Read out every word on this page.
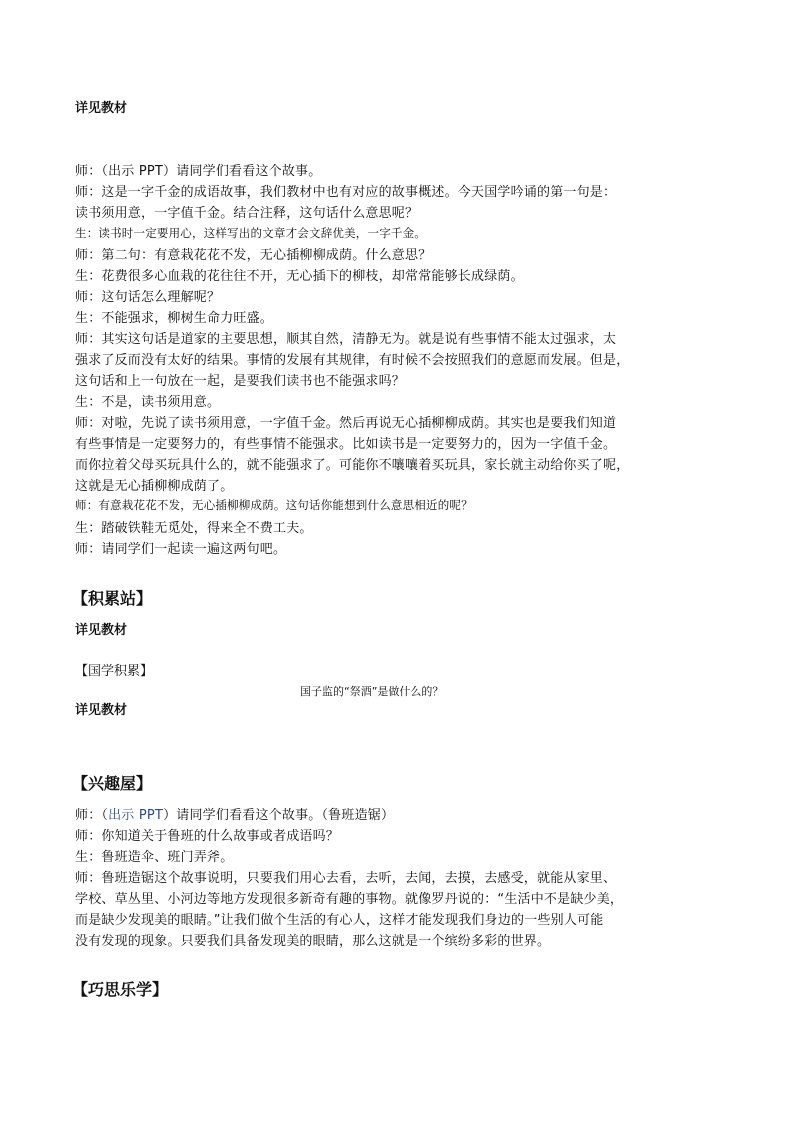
详见教材
师：（出示 PPT）请同学们看看这个故事。
师：这是一字千金的成语故事，我们教材中也有对应的故事概述。今天国学吟诵的第一句是：
读书须用意，一字值千金。结合注释，这句话什么意思呢？
生：读书时一定要用心，这样写出的文章才会文辞优美，一字千金。
师：第二句：有意栽花花不发，无心插柳柳成荫。什么意思？
生：花费很多心血栽的花往往不开，无心插下的柳枝，却常常能够长成绿荫。
师：这句话怎么理解呢？
生：不能强求，柳树生命力旺盛。
师：其实这句话是道家的主要思想，顺其自然，清静无为。就是说有些事情不能太过强求，太
强求了反而没有太好的结果。事情的发展有其规律，有时候不会按照我们的意愿而发展。但是，
这句话和上一句放在一起，是要我们读书也不能强求吗？
生：不是，读书须用意。
师：对啦，先说了读书须用意，一字值千金。然后再说无心插柳柳成荫。其实也是要我们知道
有些事情是一定要努力的，有些事情不能强求。比如读书是一定要努力的，因为一字值千金。
而你拉着父母买玩具什么的，就不能强求了。可能你不嚷嚷着买玩具，家长就主动给你买了呢，
这就是无心插柳柳成荫了。
师：有意栽花花不发，无心插柳柳成荫。这句话你能想到什么意思相近的呢？
生：踏破铁鞋无觅处，得来全不费工夫。
师：请同学们一起读一遍这两句吧。
【积累站】
详见教材
【国学积累】
国子监的“祭酒”是做什么的？
详见教材
【兴趣屋】
师：（出示 PPT）请同学们看看这个故事。（鲁班造锯）
师：你知道关于鲁班的什么故事或者成语吗？
生：鲁班造伞、班门弄斧。
师：鲁班造锯这个故事说明，只要我们用心去看，去听，去闻，去摸，去感受，就能从家里、
学校、草丛里、小河边等地方发现很多新奇有趣的事物。就像罗丹说的：“生活中不是缺少美，
而是缺少发现美的眼睛。”让我们做个生活的有心人，这样才能发现我们身边的一些别人可能
没有发现的现象。只要我们具备发现美的眼睛，那么这就是一个缤纷多彩的世界。
【巧思乐学】
